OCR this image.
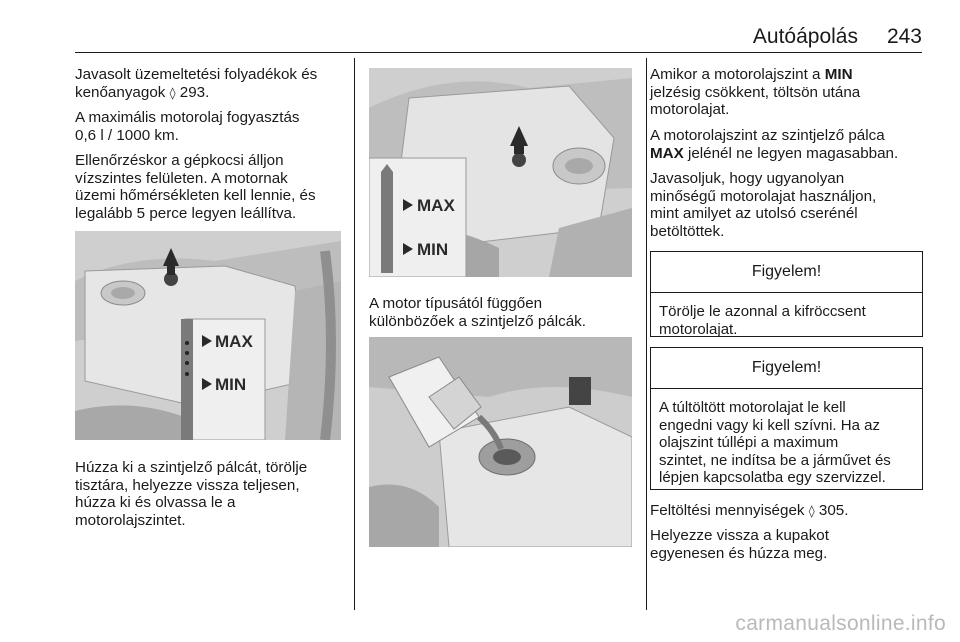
Autóápolás 243
Javasolt üzemeltetési folyadékok és
kenőanyagok ◊ 293.
A maximális motorolaj fogyasztás
0,6 l / 1000 km.
Ellenőrzéskor a gépkocsi álljon
vízszintes felületen. A motornak
üzemi hőmérsékleten kell lennie, és
legalább 5 perce legyen leállítva.
MAX
MIN
Húzza ki a szintjelző pálcát, törölje
tisztára, helyezze vissza teljesen,
húzza ki és olvassa le a
motorolajszintet.
MAX
MIN
A motor típusától függően
különbözőek a szintjelző pálcák.
Amikor a motorolajszint a MIN
jelzésig csökkent, töltsön utána
motorolajat.
A motorolajszint az szintjelző pálca
MAX jelénél ne legyen magasabban.
Javasoljuk, hogy ugyanolyan
minőségű motorolajat használjon,
mint amilyet az utolsó cserénél
betöltöttek.
Figyelem!
Törölje le azonnal a kifröccsent
motorolajat.
Figyelem!
A túltöltött motorolajat le kell
engedni vagy ki kell szívni. Ha az
olajszint túllépi a maximum
szintet, ne indítsa be a járművet és
lépjen kapcsolatba egy szervizzel.
Feltöltési mennyiségek ◊ 305.
Helyezze vissza a kupakot
egyenesen és húzza meg.
carmanualsonline.info
